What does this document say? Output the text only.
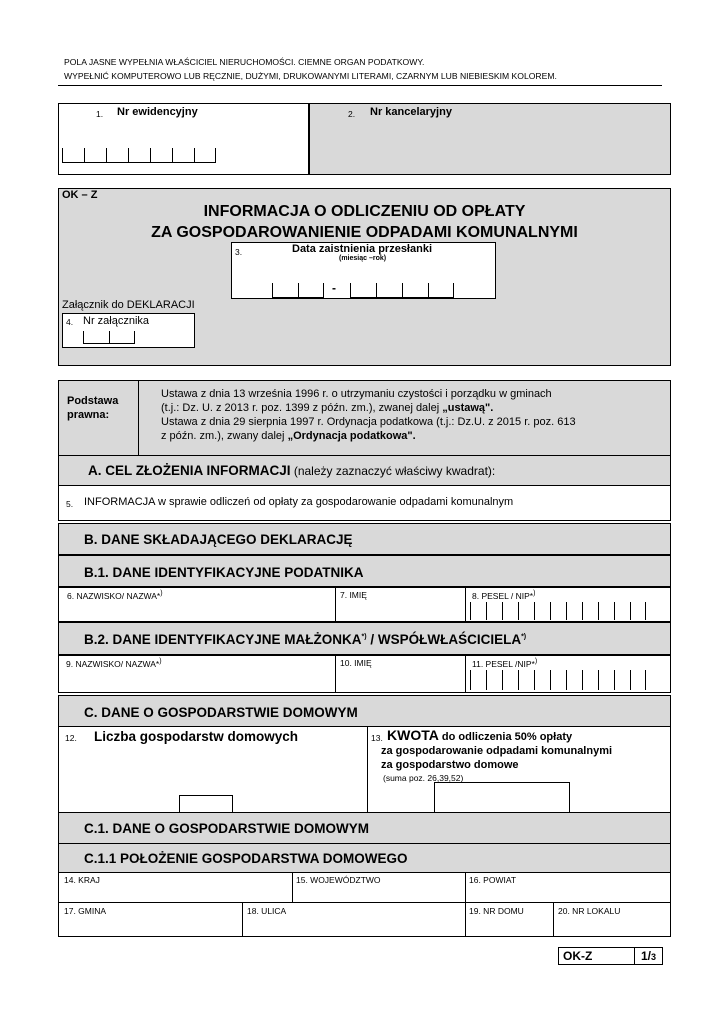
POLA JASNE WYPEŁNIA WŁAŚCICIEL NIERUCHOMOŚCI. CIEMNE ORGAN PODATKOWY.
WYPEŁNIĆ KOMPUTEROWO LUB RĘCZNIE, DUŻYMI, DRUKOWANYMI LITERAMI, CZARNYM LUB NIEBIESKIM KOLOREM.
1. Nr ewidencyjny	2. Nr kancelaryjny
OK – Z
INFORMACJA O ODLICZENIU OD OPŁATY
ZA GOSPODAROWANIENIE ODPADAMI KOMUNALNYMI
3.	Data zaistnienia przesłanki
(miesiąc –rok)
-
Załącznik do DEKLARACJI
4. Nr załącznika
Podstawa
prawna:
Ustawa z dnia 13 września 1996 r. o utrzymaniu czystości i porządku w gminach
(t.j.: Dz. U. z 2013 r. poz. 1399 z późn. zm.), zwanej dalej „ustawą".
Ustawa z dnia 29 sierpnia 1997 r. Ordynacja podatkowa (t.j.: Dz.U. z 2015 r. poz. 613
z późn. zm.), zwany dalej „Ordynacja podatkowa".
A. CEL ZŁOŻENIA INFORMACJI (należy zaznaczyć właściwy kwadrat):
5. INFORMACJA w sprawie odliczeń od opłaty za gospodarowanie odpadami komunalnym
B. DANE SKŁADAJĄCEGO DEKLARACJĘ
B.1. DANE IDENTYFIKACYJNE PODATNIKA
6. NAZWISKO/ NAZWA*)	7. IMIĘ	8. PESEL / NIP*)
B.2. DANE IDENTYFIKACYJNE MAŁŻONKA*) / WSPÓŁWŁAŚCICIELA*)
9. NAZWISKO/ NAZWA*)	10. IMIĘ	11. PESEL /NIP*)
C. DANE O GOSPODARSTWIE DOMOWYM
12. Liczba gospodarstw domowych	13. KWOTA do odliczenia 50% opłaty
za gospodarowanie odpadami komunalnymi
za gospodarstwo domowe
(suma poz. 26,39,52)
C.1. DANE O GOSPODARSTWIE DOMOWYM
C.1.1 POŁOŻENIE GOSPODARSTWA DOMOWEGO
14. KRAJ	15. WOJEWÓDZTWO	16. POWIAT
17. GMINA	18. ULICA	19. NR DOMU	20. NR LOKALU
OK-Z	1/3
